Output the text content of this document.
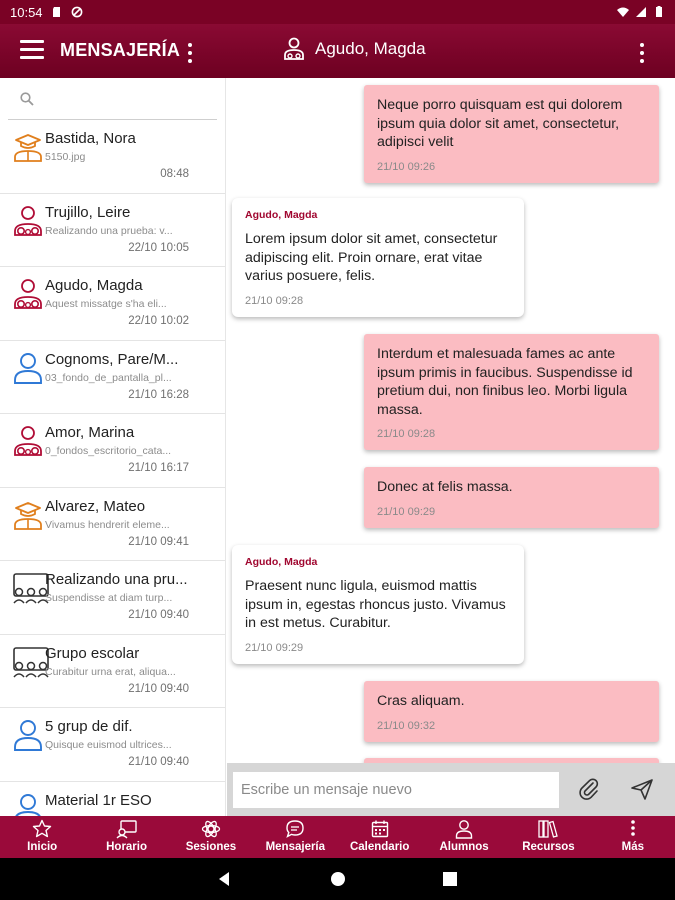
10:54
MENSAJERÍA	Agudo, Magda
Bastida, Nora
5150.jpg
08:48
Trujillo, Leire
Realizando una prueba: v...
22/10 10:05
Agudo, Magda
Aquest missatge s'ha eli...
22/10 10:02
Cognoms, Pare/M...
03_fondo_de_pantalla_pl...
21/10 16:28
Amor, Marina
0_fondos_escritorio_cata...
21/10 16:17
Alvarez, Mateo
Vivamus hendrerit eleme...
21/10 09:41
Realizando una pru...
Suspendisse at diam turp...
21/10 09:40
Grupo escolar
Curabitur urna erat, aliqua...
21/10 09:40
5 grup de dif.
Quisque euismod ultrices...
21/10 09:40
Material 1r ESO
Neque porro quisquam est qui dolorem ipsum quia dolor sit amet, consectetur, adipisci velit
21/10 09:26
Agudo, Magda
Lorem ipsum dolor sit amet, consectetur adipiscing elit. Proin ornare, erat vitae varius posuere, felis.
21/10 09:28
Interdum et malesuada fames ac ante ipsum primis in faucibus. Suspendisse id pretium dui, non finibus leo. Morbi ligula massa.
21/10 09:28
Donec at felis massa.
21/10 09:29
Agudo, Magda
Praesent nunc ligula, euismod mattis ipsum in, egestas rhoncus justo. Vivamus in est metus. Curabitur.
21/10 09:29
Cras aliquam.
21/10 09:32
Escribe un mensaje nuevo
Inicio	Horario	Sesiones	Mensajería	Calendario	Alumnos	Recursos	Más
